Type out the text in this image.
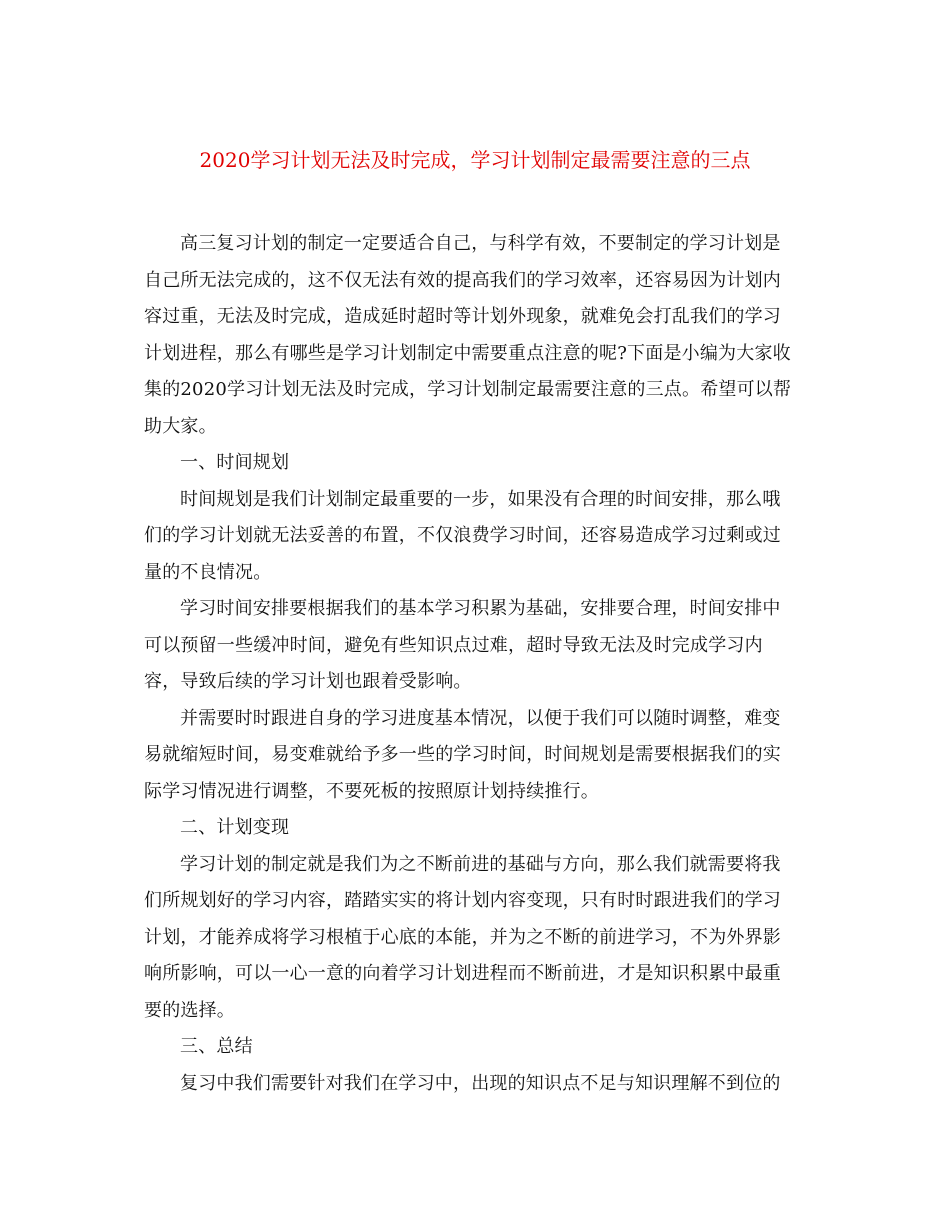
2020学习计划无法及时完成，学习计划制定最需要注意的三点
高三复习计划的制定一定要适合自己，与科学有效，不要制定的学习计划是
自己所无法完成的，这不仅无法有效的提高我们的学习效率，还容易因为计划内
容过重，无法及时完成，造成延时超时等计划外现象，就难免会打乱我们的学习
计划进程，那么有哪些是学习计划制定中需要重点注意的呢?下面是小编为大家收
集的2020学习计划无法及时完成，学习计划制定最需要注意的三点。希望可以帮
助大家。
一、时间规划
时间规划是我们计划制定最重要的一步，如果没有合理的时间安排，那么哦
们的学习计划就无法妥善的布置，不仅浪费学习时间，还容易造成学习过剩或过
量的不良情况。
学习时间安排要根据我们的基本学习积累为基础，安排要合理，时间安排中
可以预留一些缓冲时间，避免有些知识点过难，超时导致无法及时完成学习内
容，导致后续的学习计划也跟着受影响。
并需要时时跟进自身的学习进度基本情况，以便于我们可以随时调整，难变
易就缩短时间，易变难就给予多一些的学习时间，时间规划是需要根据我们的实
际学习情况进行调整，不要死板的按照原计划持续推行。
二、计划变现
学习计划的制定就是我们为之不断前进的基础与方向，那么我们就需要将我
们所规划好的学习内容，踏踏实实的将计划内容变现，只有时时跟进我们的学习
计划，才能养成将学习根植于心底的本能，并为之不断的前进学习，不为外界影
响所影响，可以一心一意的向着学习计划进程而不断前进，才是知识积累中最重
要的选择。
三、总结
复习中我们需要针对我们在学习中，出现的知识点不足与知识理解不到位的
